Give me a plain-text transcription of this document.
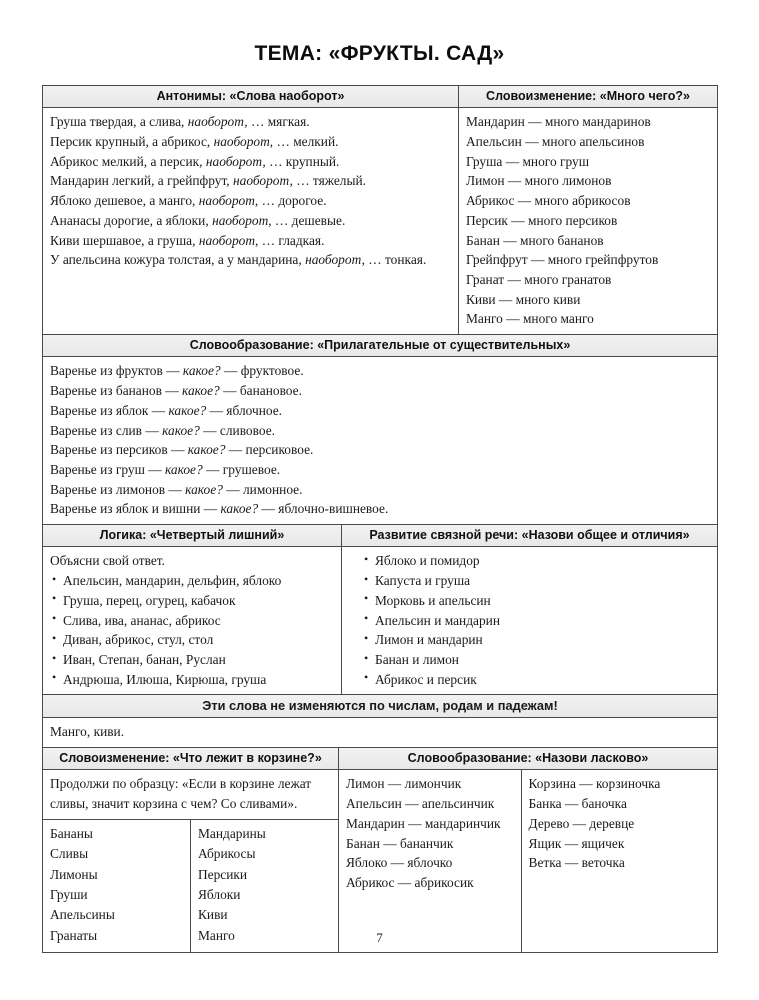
ТЕМА: «ФРУКТЫ. САД»
Антонимы: «Слова наоборот»

Груша твердая, а слива, наоборот, … мягкая.

Персик крупный, а абрикос, наоборот, … мелкий.

Абрикос мелкий, а персик, наоборот, … крупный.

Мандарин легкий, а грейпфрут, наоборот, … тяжелый.

Яблоко дешевое, а манго, наоборот, … дорогое.

Ананасы дорогие, а яблоки, наоборот, … дешевые.

Киви шершавое, а груша, наоборот, … гладкая.

У апельсина кожура толстая, а у мандарина, наоборот, … тонкая.

Словоизменение: «Много чего?»

Мандарин — много мандаринов

Апельсин — много апельсинов

Груша — много груш

Лимон — много лимонов

Абрикос — много абрикосов

Персик — много персиков

Банан — много бананов

Грейпфрут — много грейпфрутов

Гранат — много гранатов

Киви — много киви

Манго — много манго

Словообразование: «Прилагательные от существительных»

Варенье из фруктов — какое? — фруктовое.

Варенье из бананов — какое? — банановое.

Варенье из яблок — какое? — яблочное.

Варенье из слив — какое? — сливовое.

Варенье из персиков — какое? — персиковое.

Варенье из груш — какое? — грушевое.

Варенье из лимонов — какое? — лимонное.

Варенье из яблок и вишни — какое? — яблочно-вишневое.

Логика: «Четвертый лишний»

Объясни свой ответ.

• Апельсин, мандарин, дельфин, яблоко
• Груша, перец, огурец, кабачок
• Слива, ива, ананас, абрикос
• Диван, абрикос, стул, стол
• Иван, Степан, банан, Руслан
• Андрюша, Илюша, Кирюша, груша
Развитие связной речи: «Назови общее и отличия»
• Яблоко и помидор
• Капуста и груша
• Морковь и апельсин
• Апельсин и мандарин
• Лимон и мандарин
• Банан и лимон
• Абрикос и персик
Эти слова не изменяются по числам, родам и падежам!

Манго, киви.

Словоизменение: «Что лежит в корзине?»

Продолжи по образцу: «Если в корзине лежат

сливы, значит корзина с чем? Со сливами».

Бананы

Сливы

Лимоны

Груши

Апельсины

Гранаты

Мандарины

Абрикосы

Персики

Яблоки

Киви

Манго

Словообразование: «Назови ласково»

Лимон — лимончик

Апельсин — апельсинчик

Мандарин — мандаринчик

Банан — бананчик

Яблоко — яблочко

Абрикос — абрикосик

Корзина — корзиночка

Банка — баночка

Дерево — деревце

Ящик — ящичек

Ветка — веточка

7
